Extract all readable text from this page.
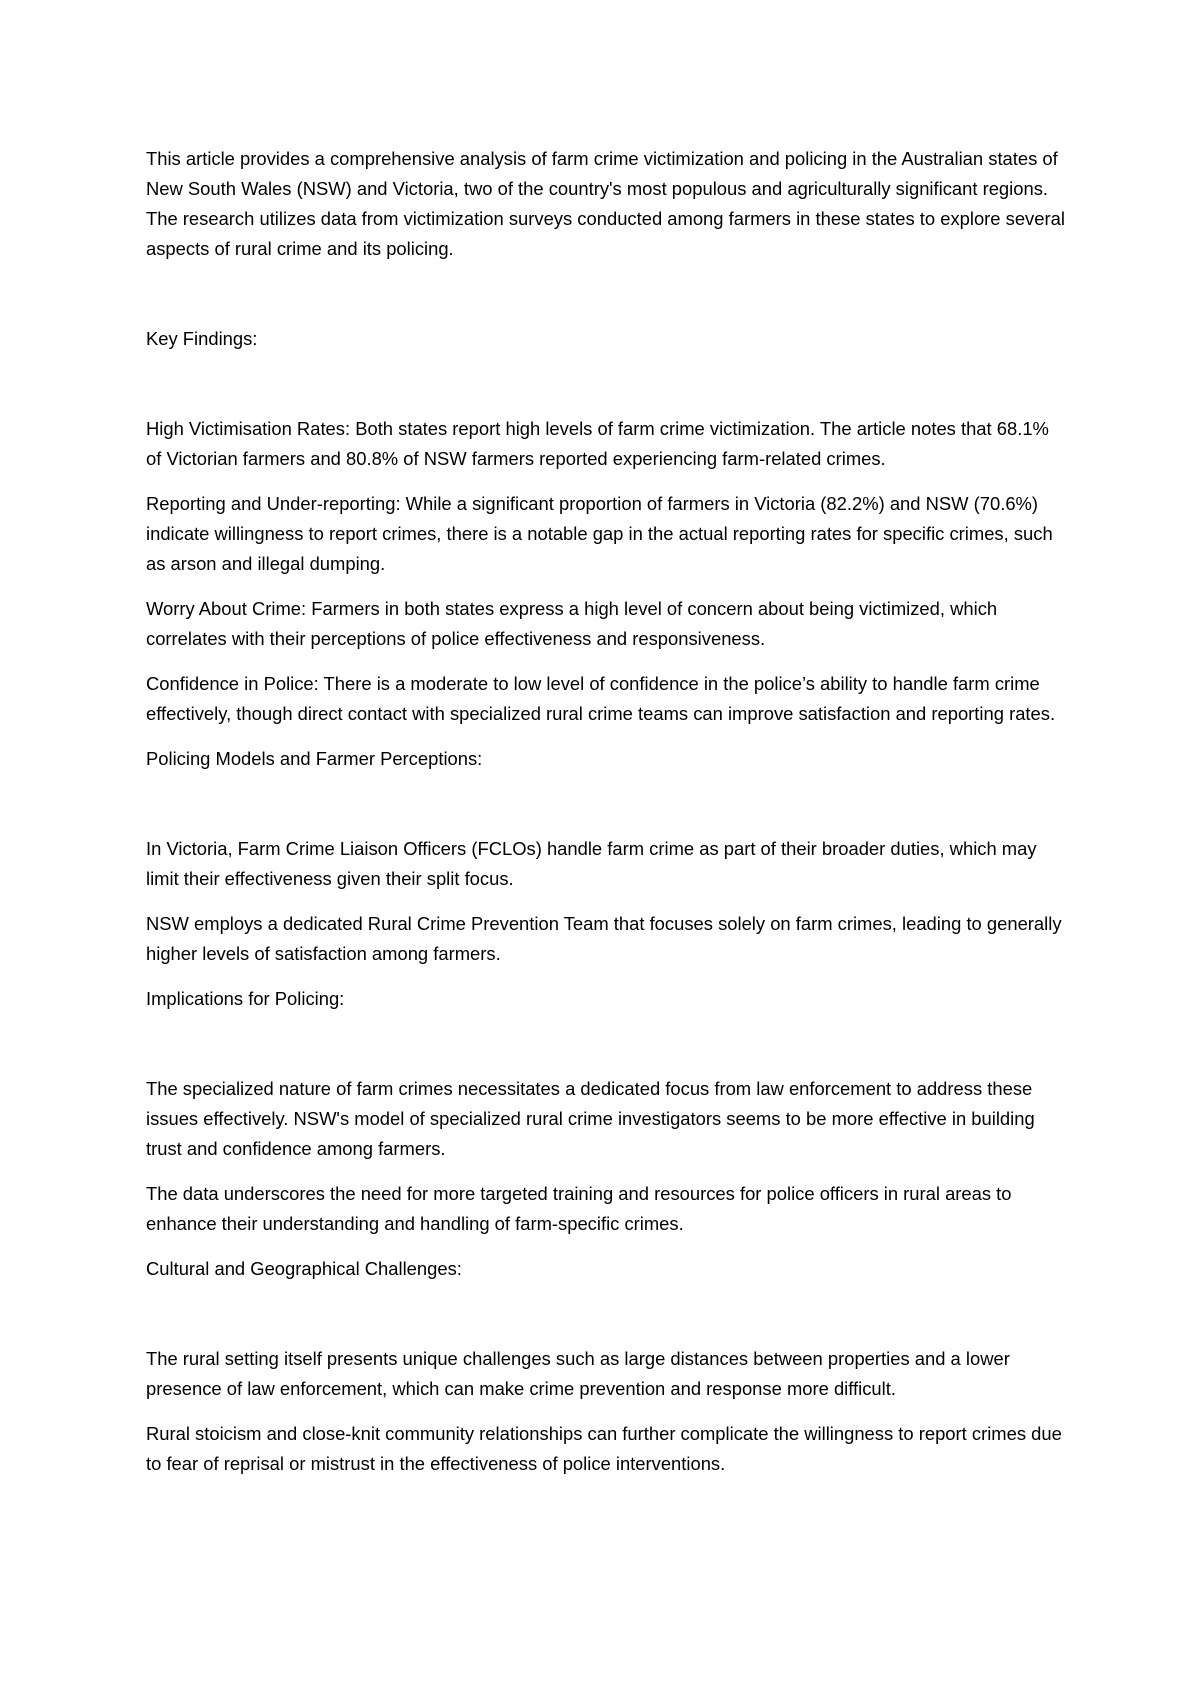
This article provides a comprehensive analysis of farm crime victimization and policing in the Australian states of New South Wales (NSW) and Victoria, two of the country's most populous and agriculturally significant regions. The research utilizes data from victimization surveys conducted among farmers in these states to explore several aspects of rural crime and its policing.

Key Findings:

High Victimisation Rates: Both states report high levels of farm crime victimization. The article notes that 68.1% of Victorian farmers and 80.8% of NSW farmers reported experiencing farm-related crimes.

Reporting and Under-reporting: While a significant proportion of farmers in Victoria (82.2%) and NSW (70.6%) indicate willingness to report crimes, there is a notable gap in the actual reporting rates for specific crimes, such as arson and illegal dumping.

Worry About Crime: Farmers in both states express a high level of concern about being victimized, which correlates with their perceptions of police effectiveness and responsiveness.

Confidence in Police: There is a moderate to low level of confidence in the police’s ability to handle farm crime effectively, though direct contact with specialized rural crime teams can improve satisfaction and reporting rates.

Policing Models and Farmer Perceptions:

In Victoria, Farm Crime Liaison Officers (FCLOs) handle farm crime as part of their broader duties, which may limit their effectiveness given their split focus.

NSW employs a dedicated Rural Crime Prevention Team that focuses solely on farm crimes, leading to generally higher levels of satisfaction among farmers.

Implications for Policing:

The specialized nature of farm crimes necessitates a dedicated focus from law enforcement to address these issues effectively. NSW's model of specialized rural crime investigators seems to be more effective in building trust and confidence among farmers.

The data underscores the need for more targeted training and resources for police officers in rural areas to enhance their understanding and handling of farm-specific crimes.

Cultural and Geographical Challenges:

The rural setting itself presents unique challenges such as large distances between properties and a lower presence of law enforcement, which can make crime prevention and response more difficult.

Rural stoicism and close-knit community relationships can further complicate the willingness to report crimes due to fear of reprisal or mistrust in the effectiveness of police interventions.
